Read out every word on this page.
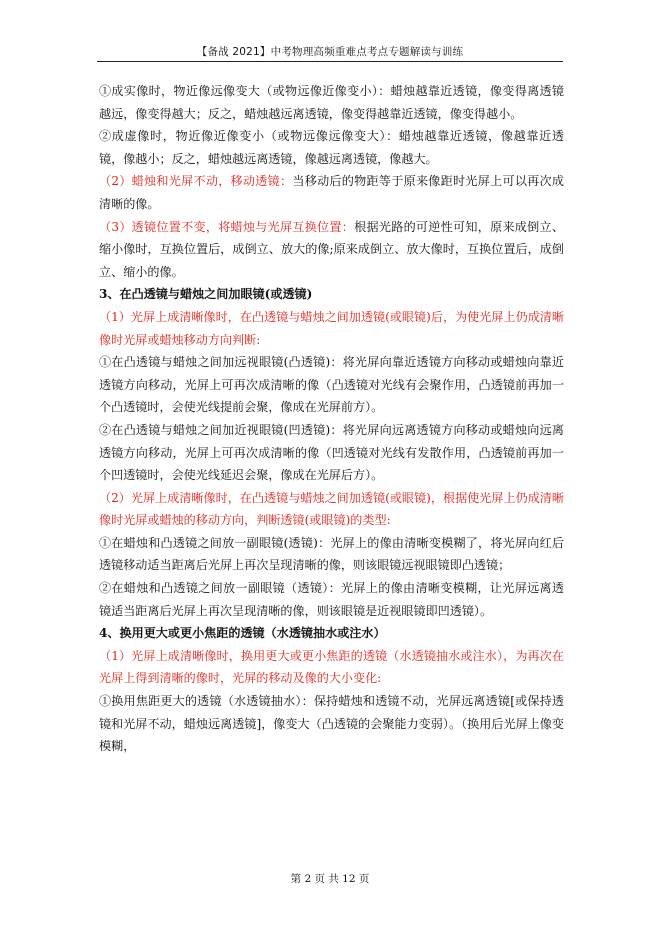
【备战 2021】中考物理高频重难点考点专题解读与训练

①成实像时，物近像远像变大（或物远像近像变小）：蜡烛越靠近透镜，像变得离透镜越远，像变得越大；反之，蜡烛越远离透镜，像变得越靠近透镜，像变得越小。

②成虚像时，物近像近像变小（或物远像远像变大）：蜡烛越靠近透镜，像越靠近透镜，像越小；反之，蜡烛越远离透镜，像越远离透镜，像越大。

（2）蜡烛和光屏不动，移动透镜：当移动后的物距等于原来像距时光屏上可以再次成清晰的像。

（3）透镜位置不变，将蜡烛与光屏互换位置：根据光路的可逆性可知，原来成倒立、缩小像时，互换位置后，成倒立、放大的像;原来成倒立、放大像时，互换位置后，成倒立、缩小的像。

3、在凸透镜与蜡烛之间加眼镜(或透镜)

（1）光屏上成清晰像时，在凸透镜与蜡烛之间加透镜(或眼镜)后，为使光屏上仍成清晰像时光屏或蜡烛移动方向判断:

①在凸透镜与蜡烛之间加远视眼镜(凸透镜)：将光屏向靠近透镜方向移动或蜡烛向靠近透镜方向移动，光屏上可再次成清晰的像（凸透镜对光线有会聚作用，凸透镜前再加一个凸透镜时，会使光线提前会聚，像成在光屏前方）。

②在凸透镜与蜡烛之间加近视眼镜(凹透镜)：将光屏向远离透镜方向移动或蜡烛向远离透镜方向移动，光屏上可再次成清晰的像（凹透镜对光线有发散作用，凸透镜前再加一个凹透镜时，会使光线延迟会聚，像成在光屏后方）。

（2）光屏上成清晰像时，在凸透镜与蜡烛之间加透镜(或眼镜)，根据使光屏上仍成清晰像时光屏或蜡烛的移动方向，判断透镜(或眼镜)的类型:

①在蜡烛和凸透镜之间放一副眼镜(透镜)：光屏上的像由清晰变模糊了，将光屏向红后透镜移动适当距离后光屏上再次呈现清晰的像，则该眼镜远视眼镜即凸透镜；

②在蜡烛和凸透镜之间放一副眼镜（透镜）：光屏上的像由清晰变模糊，让光屏远离透镜适当距离后光屏上再次呈现清晰的像，则该眼镜是近视眼镜即凹透镜）。

4、换用更大或更小焦距的透镜（水透镜抽水或注水）

（1）光屏上成清晰像时，换用更大或更小焦距的透镜（水透镜抽水或注水），为再次在光屏上得到清晰的像时，光屏的移动及像的大小变化:

①换用焦距更大的透镜（水透镜抽水）：保持蜡烛和透镜不动，光屏远离透镜[或保持透镜和光屏不动，蜡烛远离透镜]，像变大（凸透镜的会聚能力变弱）。（换用后光屏上像变模糊，

第 2 页 共 12 页
